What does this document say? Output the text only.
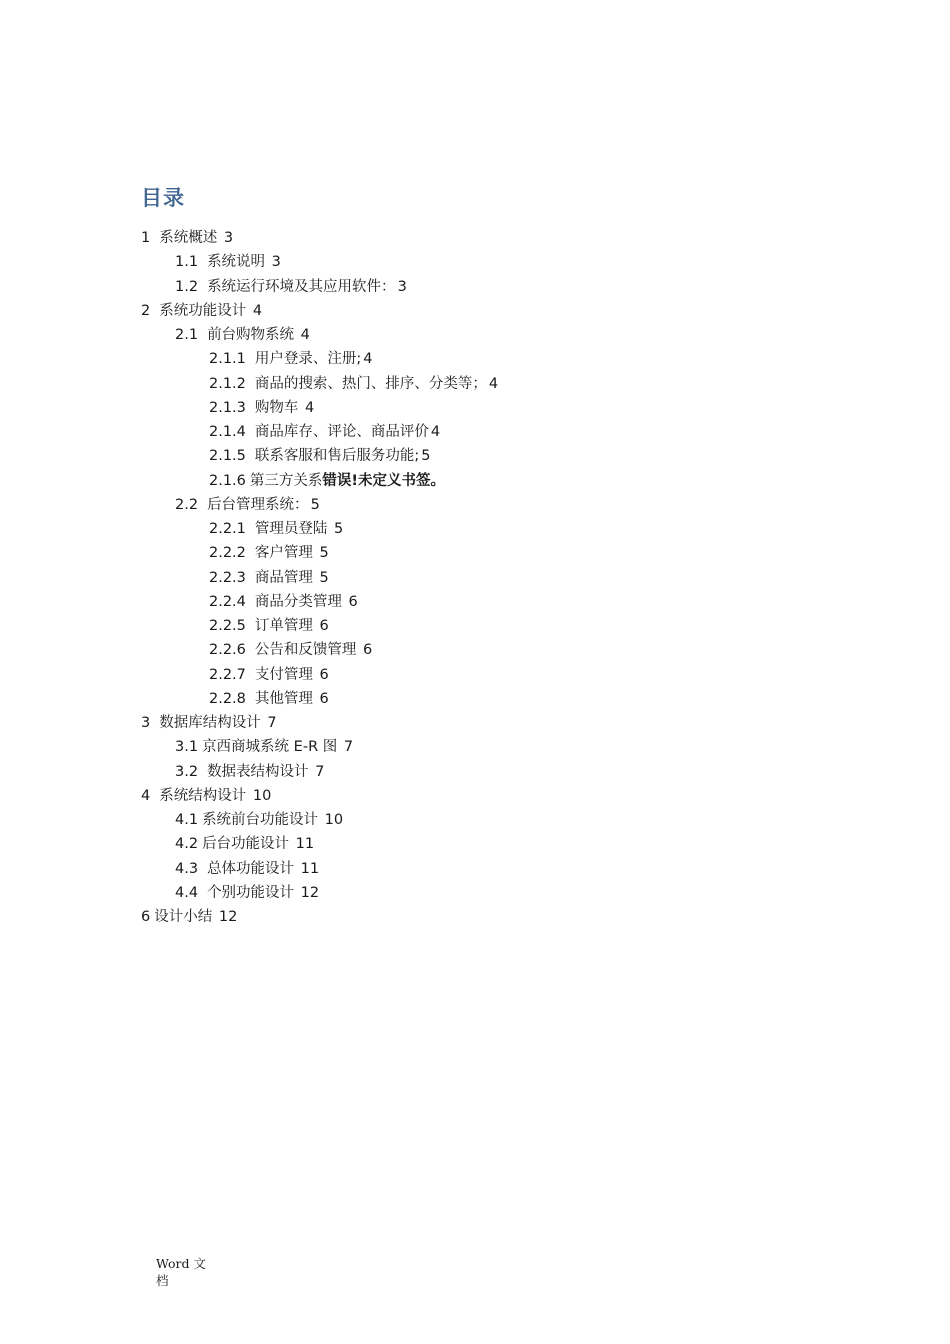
目录
1 系统概述 3
1.1 系统说明 3
1.2 系统运行环境及其应用软件： 3
2 系统功能设计 4
2.1 前台购物系统 4
2.1.1 用户登录、注册; 4
2.1.2 商品的搜索、热门、排序、分类等； 4
2.1.3 购物车 4
2.1.4 商品库存、评论、商品评价 4
2.1.5 联系客服和售后服务功能; 5
2.1.6 第三方关系错误!未定义书签。
2.2 后台管理系统： 5
2.2.1 管理员登陆 5
2.2.2 客户管理 5
2.2.3 商品管理 5
2.2.4 商品分类管理 6
2.2.5 订单管理 6
2.2.6 公告和反馈管理 6
2.2.7 支付管理 6
2.2.8 其他管理 6
3 数据库结构设计 7
3.1 京西商城系统 E-R 图 7
3.2 数据表结构设计 7
4 系统结构设计 10
4.1 系统前台功能设计 10
4.2 后台功能设计 11
4.3 总体功能设计 11
4.4 个别功能设计 12
6 设计小结 12
Word 文档
